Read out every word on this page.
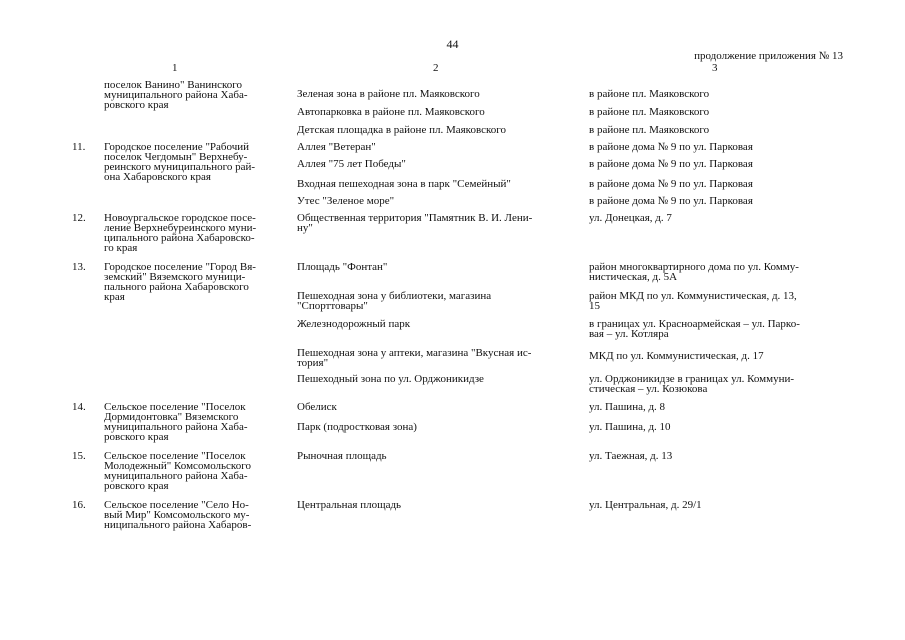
44
продолжение приложения № 13
1	2	3
поселок Ванино" Ванинского
муниципального района Хаба-
ровского края
Зеленая зона в районе пл. Маяковского	в районе пл. Маяковского
Автопарковка в районе пл. Маяковского	в районе пл. Маяковского
Детская площадка в районе пл. Маяковского	в районе пл. Маяковского
11.	Городское поселение "Рабочий
поселок Чегдомын" Верхнебу-
реинского муниципального рай-
она Хабаровского края
Аллея "Ветеран"	в районе дома № 9 по ул. Парковая
Аллея "75 лет Победы"	в районе дома № 9 по ул. Парковая
Входная пешеходная зона в парк "Семейный"	в районе дома № 9 по ул. Парковая
Утес "Зеленое море"	в районе дома № 9 по ул. Парковая
12.	Новоургальское городское посе-
ление Верхнебуреинского муни-
ципального района Хабаровско-
го края
Общественная территория "Памятник В. И. Лени-
ну"
ул. Донецкая, д. 7
13.	Городское поселение "Город Вя-
земский" Вяземского муници-
пального района Хабаровского
края
Площадь "Фонтан"	район многоквартирного дома по ул. Комму-
нистическая, д. 5А
Пешеходная зона у библиотеки, магазина
"Спорттовары"
район МКД по ул. Коммунистическая, д. 13,
15
Железнодорожный парк	в границах ул. Красноармейская – ул. Парко-
вая – ул. Котляра
Пешеходная зона у аптеки, магазина "Вкусная ис-
тория"
МКД по ул. Коммунистическая, д. 17
Пешеходный зона по ул. Орджоникидзе	ул. Орджоникидзе в границах ул. Коммуни-
стическая – ул. Козюкова
14.	Сельское поселение "Поселок
Дормидонтовка" Вяземского
муниципального района Хаба-
ровского края
Обелиск	ул. Пашина, д. 8
Парк (подростковая зона)	ул. Пашина, д. 10
15.	Сельское поселение "Поселок
Молодежный" Комсомольского
муниципального района Хаба-
ровского края
Рыночная площадь	ул. Таежная, д. 13
16.	Сельское поселение "Село Но-
вый Мир" Комсомольского му-
ниципального района Хабаров-
Центральная площадь	ул. Центральная, д. 29/1
